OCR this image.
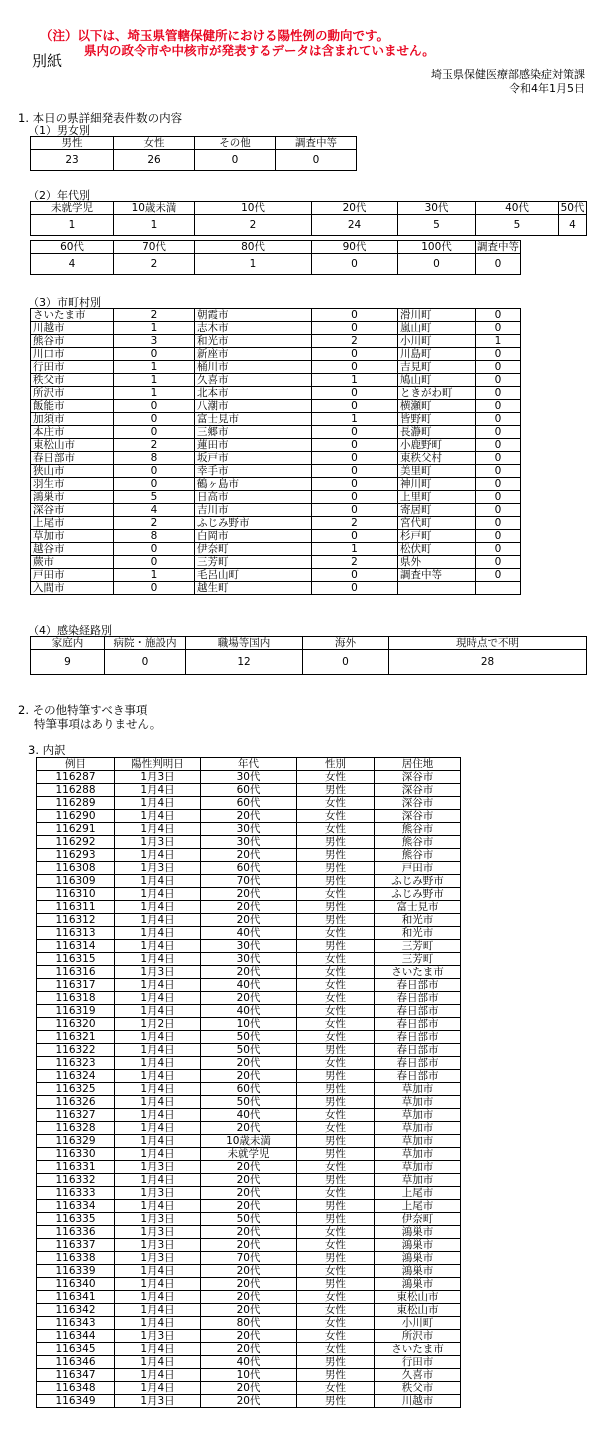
（注）以下は、埼玉県管轄保健所における陽性例の動向です。
県内の政令市や中核市が発表するデータは含まれていません。
別紙
埼玉県保健医療部感染症対策課
令和4年1月5日
1. 本日の県詳細発表件数の内容
（1）男女別
男性	女性	その他	調査中等
23	26	0	0
（2）年代別
未就学児	10歳未満	10代	20代	30代	40代	50代
1	1	2	24	5	5	4
60代	70代	80代	90代	100代	調査中等
4	2	1	0	0	0
（3）市町村別
さいたま市	2	朝霞市	0	滑川町	0
川越市	1	志木市	0	嵐山町	0
熊谷市	3	和光市	2	小川町	1
川口市	0	新座市	0	川島町	0
行田市	1	桶川市	0	吉見町	0
秩父市	1	久喜市	1	鳩山町	0
所沢市	1	北本市	0	ときがわ町	0
飯能市	0	八潮市	0	横瀬町	0
加須市	0	富士見市	1	皆野町	0
本庄市	0	三郷市	0	長瀞町	0
東松山市	2	蓮田市	0	小鹿野町	0
春日部市	8	坂戸市	0	東秩父村	0
狭山市	0	幸手市	0	美里町	0
羽生市	0	鶴ヶ島市	0	神川町	0
鴻巣市	5	日高市	0	上里町	0
深谷市	4	吉川市	0	寄居町	0
上尾市	2	ふじみ野市	2	宮代町	0
草加市	8	白岡市	0	杉戸町	0
越谷市	0	伊奈町	1	松伏町	0
蕨市	0	三芳町	2	県外	0
戸田市	1	毛呂山町	0	調査中等	0
入間市	0	越生町	0		
（4）感染経路別
家庭内	病院・施設内	職場等国内	海外	現時点で不明
9	0	12	0	28
2. その他特筆すべき事項
特筆事項はありません。
3. 内訳
例目	陽性判明日	年代	性別	居住地
116287	1月3日	30代	女性	深谷市
116288	1月4日	60代	男性	深谷市
116289	1月4日	60代	女性	深谷市
116290	1月4日	20代	女性	深谷市
116291	1月4日	30代	女性	熊谷市
116292	1月3日	30代	男性	熊谷市
116293	1月4日	20代	男性	熊谷市
116308	1月3日	60代	男性	戸田市
116309	1月4日	70代	男性	ふじみ野市
116310	1月4日	20代	女性	ふじみ野市
116311	1月4日	20代	男性	富士見市
116312	1月4日	20代	男性	和光市
116313	1月4日	40代	女性	和光市
116314	1月4日	30代	男性	三芳町
116315	1月4日	30代	女性	三芳町
116316	1月3日	20代	女性	さいたま市
116317	1月4日	40代	女性	春日部市
116318	1月4日	20代	女性	春日部市
116319	1月4日	40代	女性	春日部市
116320	1月2日	10代	女性	春日部市
116321	1月4日	50代	女性	春日部市
116322	1月4日	50代	男性	春日部市
116323	1月4日	20代	女性	春日部市
116324	1月4日	20代	男性	春日部市
116325	1月4日	60代	男性	草加市
116326	1月4日	50代	男性	草加市
116327	1月4日	40代	女性	草加市
116328	1月4日	20代	女性	草加市
116329	1月4日	10歳未満	男性	草加市
116330	1月4日	未就学児	男性	草加市
116331	1月3日	20代	女性	草加市
116332	1月4日	20代	男性	草加市
116333	1月3日	20代	女性	上尾市
116334	1月4日	20代	男性	上尾市
116335	1月3日	50代	男性	伊奈町
116336	1月3日	20代	女性	鴻巣市
116337	1月3日	20代	女性	鴻巣市
116338	1月3日	70代	男性	鴻巣市
116339	1月4日	20代	女性	鴻巣市
116340	1月4日	20代	男性	鴻巣市
116341	1月4日	20代	女性	東松山市
116342	1月4日	20代	女性	東松山市
116343	1月4日	80代	女性	小川町
116344	1月3日	20代	女性	所沢市
116345	1月4日	20代	女性	さいたま市
116346	1月4日	40代	男性	行田市
116347	1月4日	10代	男性	久喜市
116348	1月4日	20代	女性	秩父市
116349	1月3日	20代	男性	川越市
